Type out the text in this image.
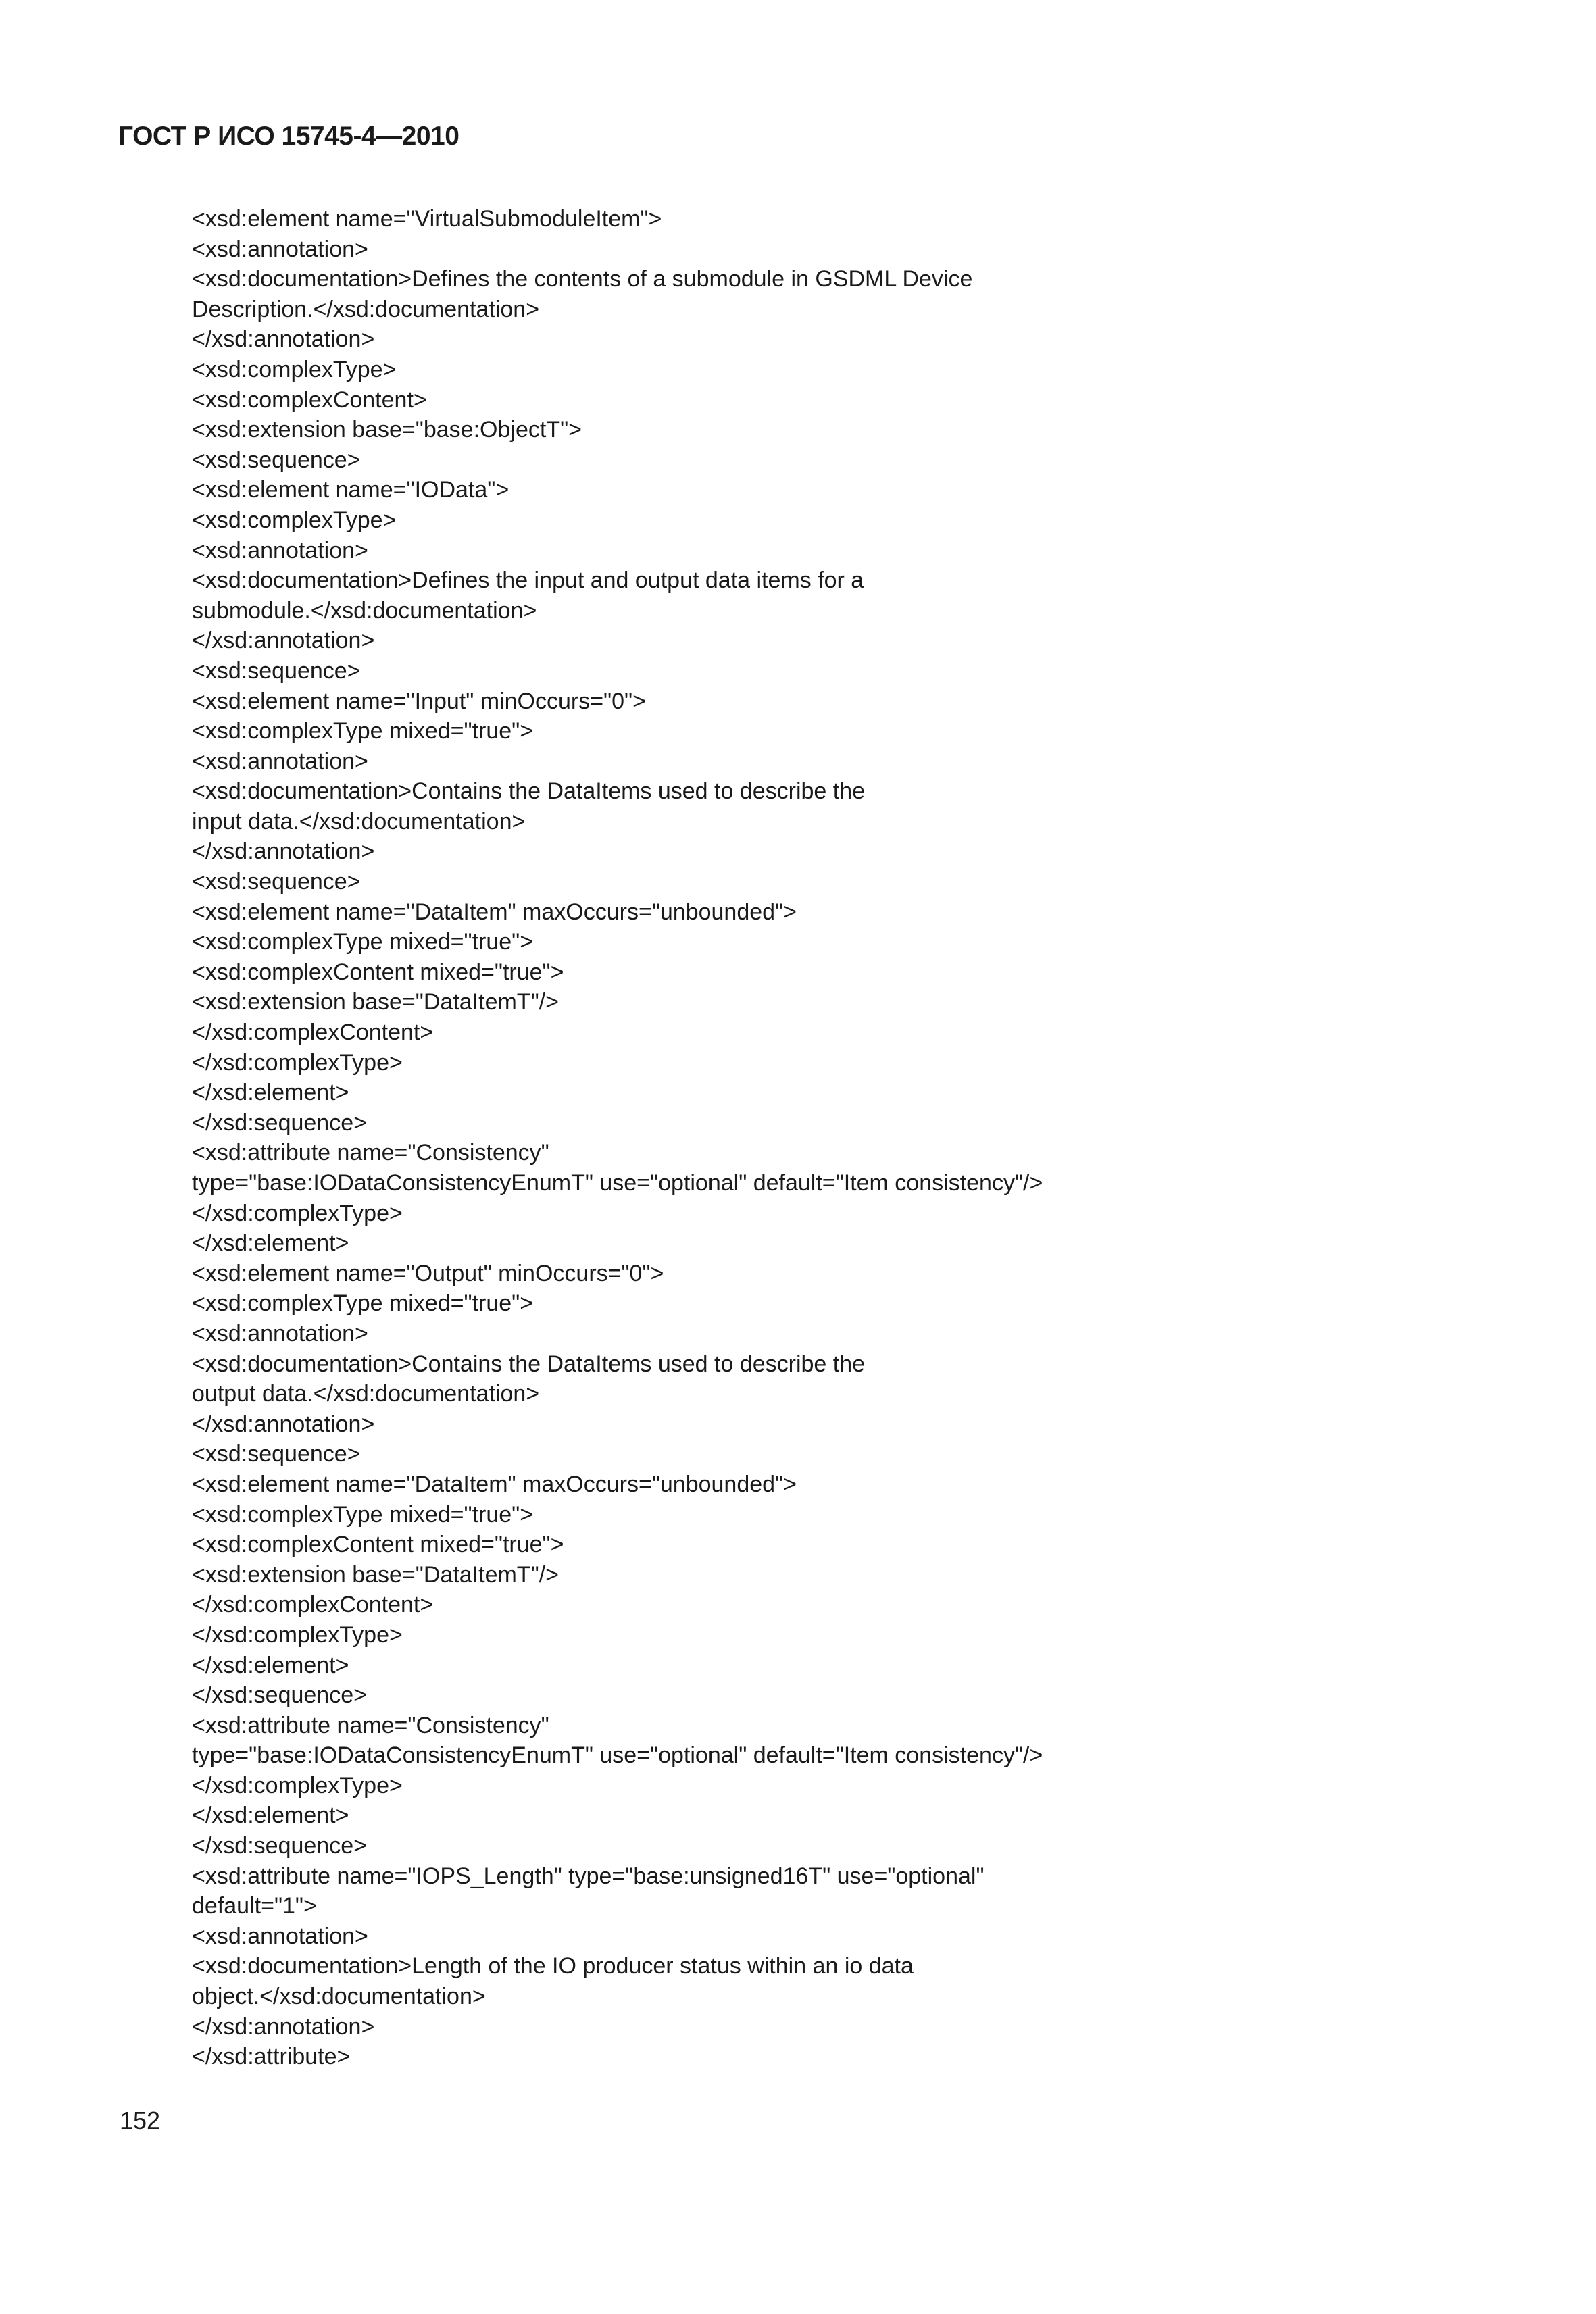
ГОСТ Р ИСО 15745-4—2010
<xsd:element name="VirtualSubmoduleItem">
<xsd:annotation>
<xsd:documentation>Defines the contents of a submodule in GSDML Device
Description.</xsd:documentation>
</xsd:annotation>
<xsd:complexType>
<xsd:complexContent>
<xsd:extension base="base:ObjectT">
<xsd:sequence>
<xsd:element name="IOData">
<xsd:complexType>
<xsd:annotation>
<xsd:documentation>Defines the input and output data items for a
submodule.</xsd:documentation>
</xsd:annotation>
<xsd:sequence>
<xsd:element name="Input" minOccurs="0">
<xsd:complexType mixed="true">
<xsd:annotation>
<xsd:documentation>Contains the DataItems used to describe the
input data.</xsd:documentation>
</xsd:annotation>
<xsd:sequence>
<xsd:element name="DataItem" maxOccurs="unbounded">
<xsd:complexType mixed="true">
<xsd:complexContent mixed="true">
<xsd:extension base="DataItemT"/>
</xsd:complexContent>
</xsd:complexType>
</xsd:element>
</xsd:sequence>
<xsd:attribute name="Consistency"
type="base:IODataConsistencyEnumT" use="optional" default="Item consistency"/>
</xsd:complexType>
</xsd:element>
<xsd:element name="Output" minOccurs="0">
<xsd:complexType mixed="true">
<xsd:annotation>
<xsd:documentation>Contains the DataItems used to describe the
output data.</xsd:documentation>
</xsd:annotation>
<xsd:sequence>
<xsd:element name="DataItem" maxOccurs="unbounded">
<xsd:complexType mixed="true">
<xsd:complexContent mixed="true">
<xsd:extension base="DataItemT"/>
</xsd:complexContent>
</xsd:complexType>
</xsd:element>
</xsd:sequence>
<xsd:attribute name="Consistency"
type="base:IODataConsistencyEnumT" use="optional" default="Item consistency"/>
</xsd:complexType>
</xsd:element>
</xsd:sequence>
<xsd:attribute name="IOPS_Length" type="base:unsigned16T" use="optional"
default="1">
<xsd:annotation>
<xsd:documentation>Length of the IO producer status within an io data
object.</xsd:documentation>
</xsd:annotation>
</xsd:attribute>
152
